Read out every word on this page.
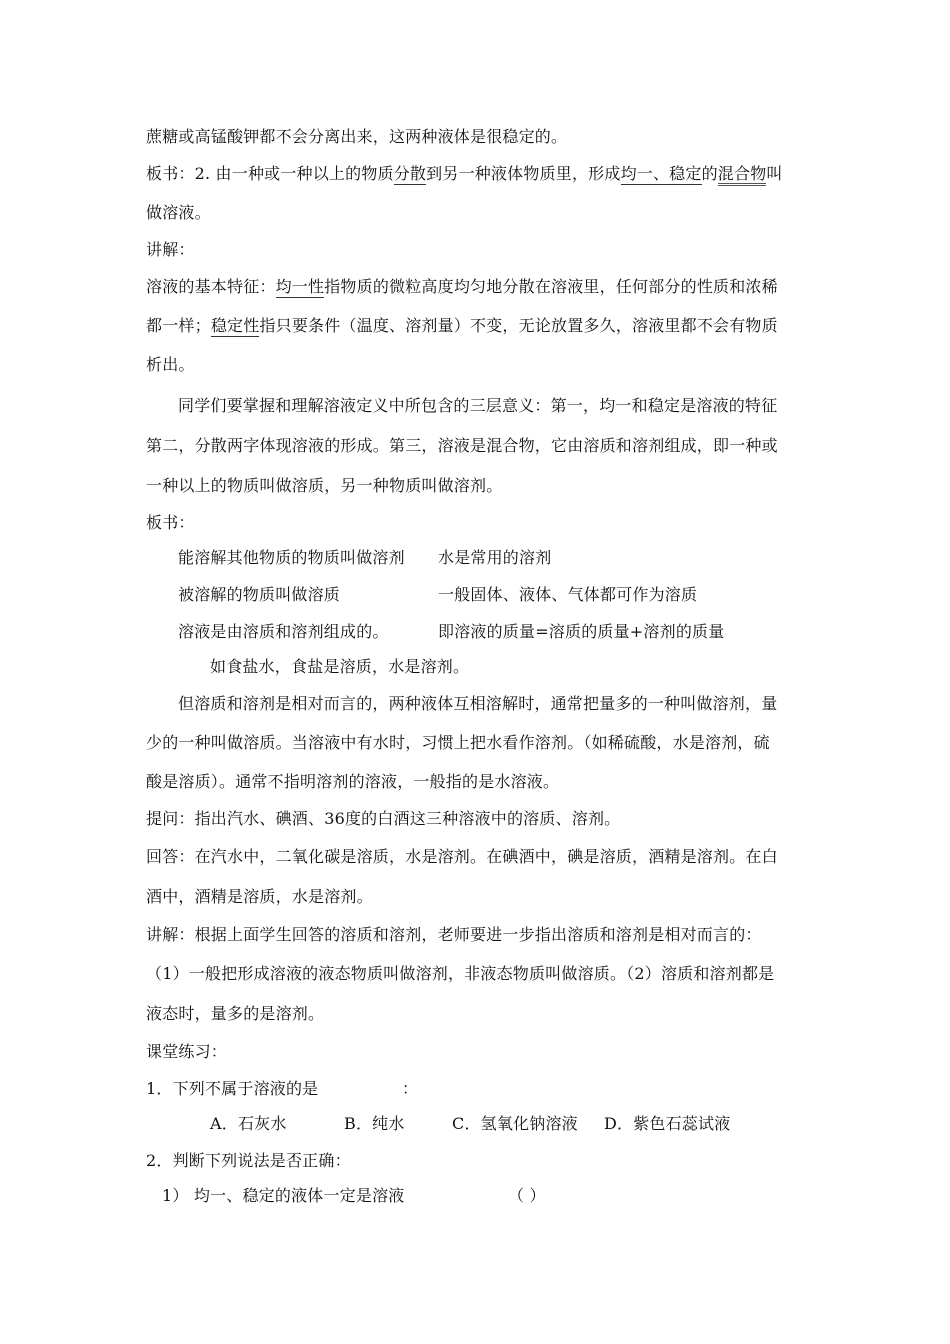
蔗糖或高锰酸钾都不会分离出来，这两种液体是很稳定的。
板书：2. 由一种或一种以上的物质分散到另一种液体物质里，形成均一、稳定的混合物叫
做溶液。
讲解：
溶液的基本特征：均一性指物质的微粒高度均匀地分散在溶液里，任何部分的性质和浓稀
都一样；稳定性指只要条件（温度、溶剂量）不变，无论放置多久，溶液里都不会有物质
析出。
同学们要掌握和理解溶液定义中所包含的三层意义：第一，均一和稳定是溶液的特征
第二，分散两字体现溶液的形成。第三，溶液是混合物，它由溶质和溶剂组成，即一种或
一种以上的物质叫做溶质，另一种物质叫做溶剂。
板书：
能溶解其他物质的物质叫做溶剂 水是常用的溶剂
被溶解的物质叫做溶质	一般固体、液体、气体都可作为溶质
溶液是由溶质和溶剂组成的。	即溶液的质量=溶质的质量+溶剂的质量
如食盐水，食盐是溶质，水是溶剂。
但溶质和溶剂是相对而言的，两种液体互相溶解时，通常把量多的一种叫做溶剂，量
少的一种叫做溶质。当溶液中有水时，习惯上把水看作溶剂。（如稀硫酸，水是溶剂，硫
酸是溶质）。通常不指明溶剂的溶液，一般指的是水溶液。
提问：指出汽水、碘酒、36度的白酒这三种溶液中的溶质、溶剂。
回答：在汽水中，二氧化碳是溶质，水是溶剂。在碘酒中，碘是溶质，酒精是溶剂。在白
酒中，酒精是溶质，水是溶剂。
讲解：根据上面学生回答的溶质和溶剂，老师要进一步指出溶质和溶剂是相对而言的：
（1）一般把形成溶液的液态物质叫做溶剂，非液态物质叫做溶质。（2）溶质和溶剂都是
液态时，量多的是溶剂。
课堂练习：
1．下列不属于溶液的是	：
A．石灰水	B．纯水	C．氢氧化钠溶液 D．紫色石蕊试液
2．判断下列说法是否正确：
1） 均一、稳定的液体一定是溶液	（ ）
